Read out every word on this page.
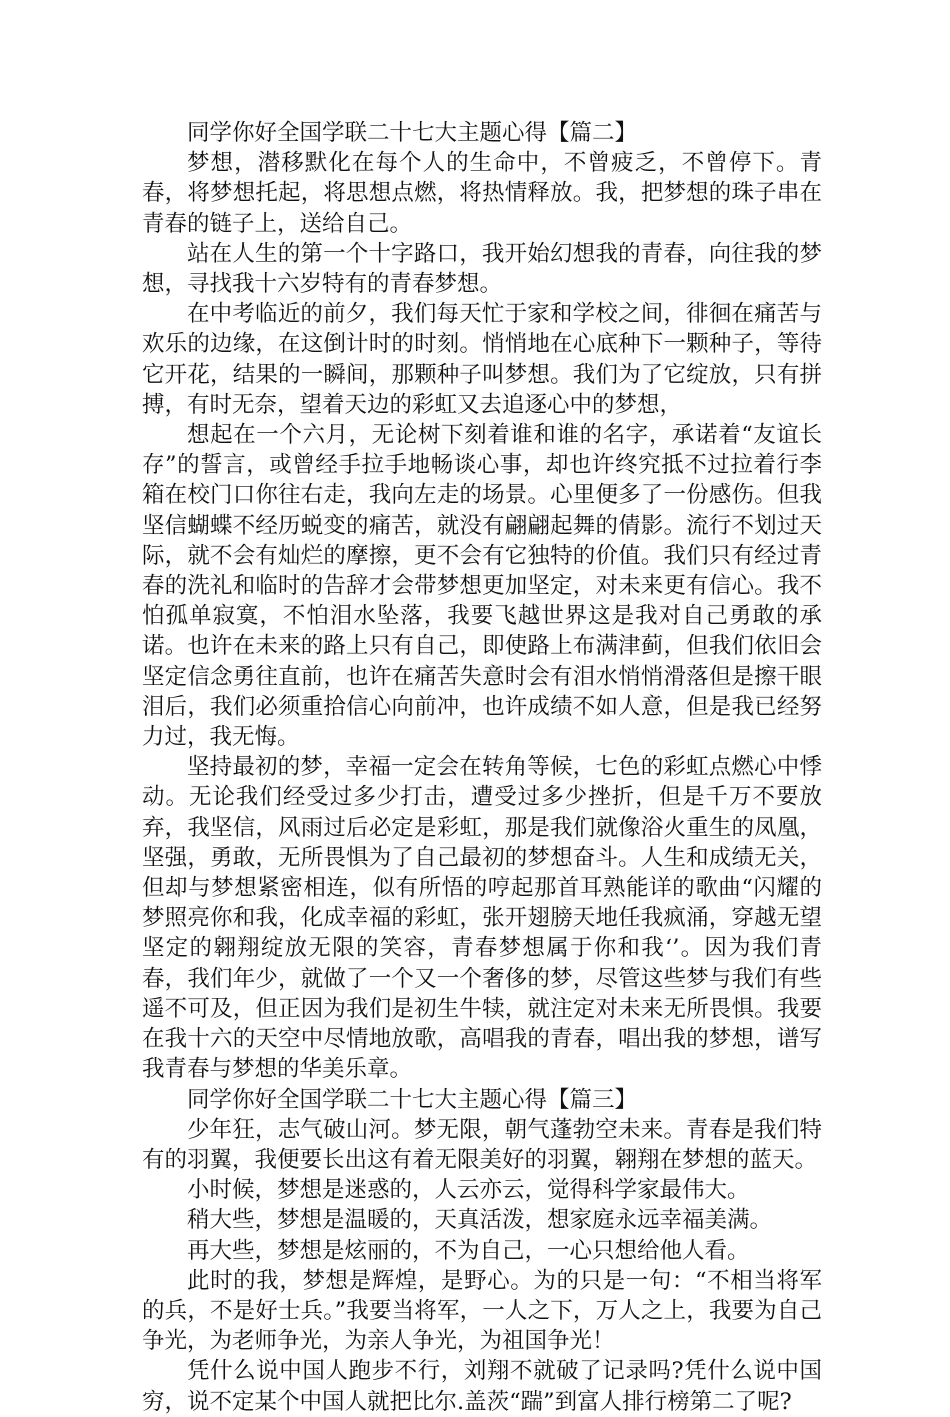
同学你好全国学联二十七大主题心得【篇二】

梦想，潜移默化在每个人的生命中，不曾疲乏，不曾停下。青春，将梦想托起，将思想点燃，将热情释放。我，把梦想的珠子串在青春的链子上，送给自己。

站在人生的第一个十字路口，我开始幻想我的青春，向往我的梦想，寻找我十六岁特有的青春梦想。

在中考临近的前夕，我们每天忙于家和学校之间，徘徊在痛苦与欢乐的边缘，在这倒计时的时刻。悄悄地在心底种下一颗种子，等待它开花，结果的一瞬间，那颗种子叫梦想。我们为了它绽放，只有拼搏，有时无奈，望着天边的彩虹又去追逐心中的梦想，

想起在一个六月，无论树下刻着谁和谁的名字，承诺着“友谊长存”的誓言，或曾经手拉手地畅谈心事，却也许终究抵不过拉着行李箱在校门口你往右走，我向左走的场景。心里便多了一份感伤。但我坚信蝴蝶不经历蜕变的痛苦，就没有翩翩起舞的倩影。流行不划过天际，就不会有灿烂的摩擦，更不会有它独特的价值。我们只有经过青春的洗礼和临时的告辞才会带梦想更加坚定，对未来更有信心。我不怕孤单寂寞，不怕泪水坠落，我要飞越世界这是我对自己勇敢的承诺。也许在未来的路上只有自己，即使路上布满津蓟，但我们依旧会坚定信念勇往直前，也许在痛苦失意时会有泪水悄悄滑落但是擦干眼泪后，我们必须重拾信心向前冲，也许成绩不如人意，但是我已经努力过，我无悔。

坚持最初的梦，幸福一定会在转角等候，七色的彩虹点燃心中悸动。无论我们经受过多少打击，遭受过多少挫折，但是千万不要放弃，我坚信，风雨过后必定是彩虹，那是我们就像浴火重生的凤凰，坚强，勇敢，无所畏惧为了自己最初的梦想奋斗。人生和成绩无关，但却与梦想紧密相连，似有所悟的哼起那首耳熟能详的歌曲“闪耀的梦照亮你和我，化成幸福的彩虹，张开翅膀天地任我疯涌，穿越无望坚定的翱翔绽放无限的笑容，青春梦想属于你和我‘’。因为我们青春，我们年少，就做了一个又一个奢侈的梦，尽管这些梦与我们有些遥不可及，但正因为我们是初生牛犊，就注定对未来无所畏惧。我要在我十六的天空中尽情地放歌，高唱我的青春，唱出我的梦想，谱写我青春与梦想的华美乐章。

同学你好全国学联二十七大主题心得【篇三】

少年狂，志气破山河。梦无限，朝气蓬勃空未来。青春是我们特有的羽翼，我便要长出这有着无限美好的羽翼，翱翔在梦想的蓝天。

小时候，梦想是迷惑的，人云亦云，觉得科学家最伟大。

稍大些，梦想是温暖的，天真活泼，想家庭永远幸福美满。

再大些，梦想是炫丽的，不为自己，一心只想给他人看。

此时的我，梦想是辉煌，是野心。为的只是一句：“不相当将军的兵，不是好士兵。”我要当将军，一人之下，万人之上，我要为自己争光，为老师争光，为亲人争光，为祖国争光！

凭什么说中国人跑步不行，刘翔不就破了记录吗?凭什么说中国穷，说不定某个中国人就把比尔.盖茨“踹”到富人排行榜第二了呢?
